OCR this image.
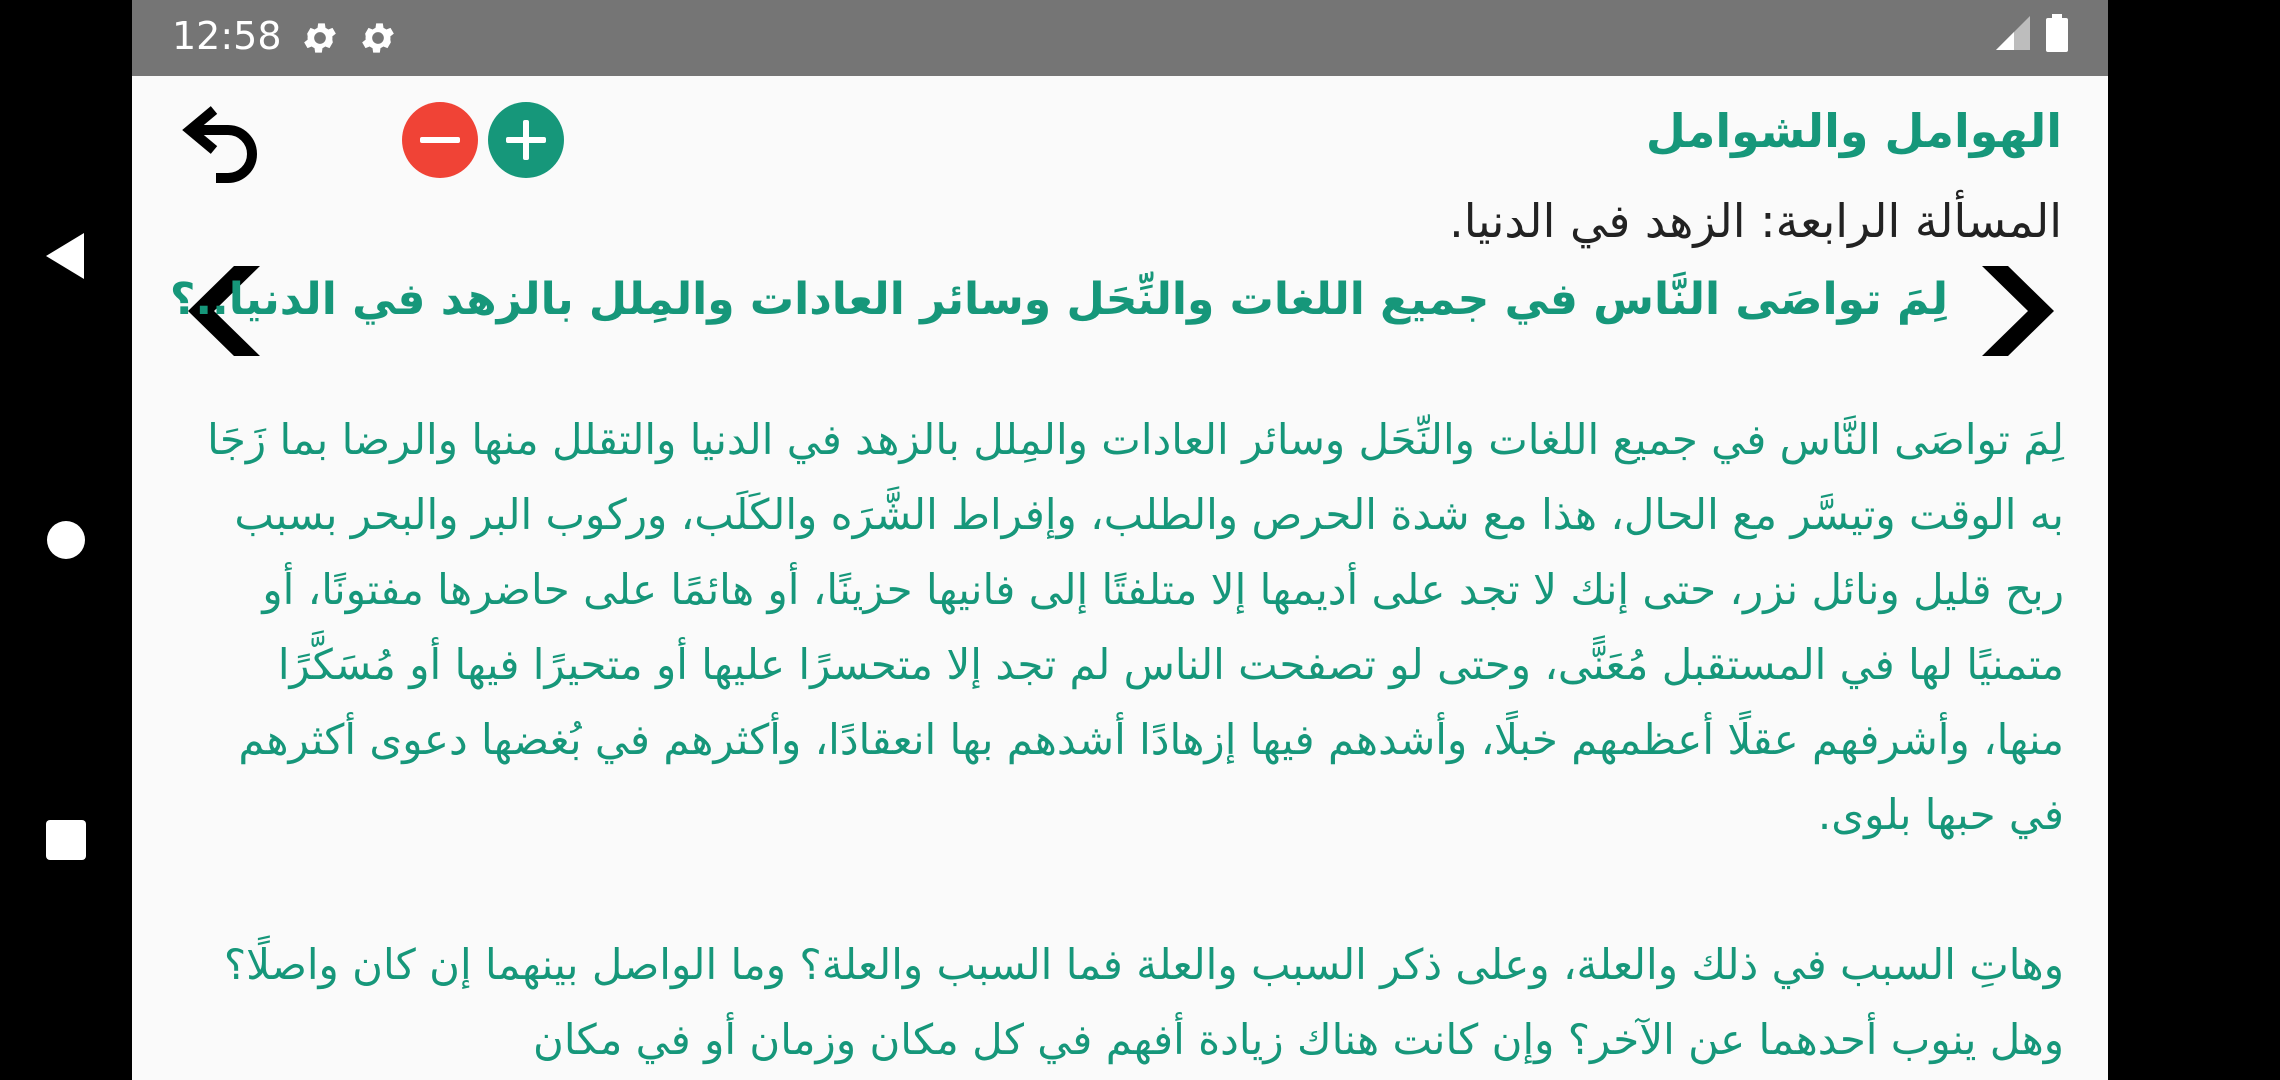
12:58
الهوامل والشوامل
المسألة الرابعة: الزهد في الدنيا.
لِمَ تواصَى النَّاس في جميع اللغات والنِّحَل وسائر العادات والمِلل بالزهد في الدنيا..؟

لِمَ تواصَى النَّاس في جميع اللغات والنِّحَل وسائر العادات والمِلل بالزهد في الدنيا والتقلل منها والرضا بما زَجَا به الوقت وتيسَّر مع الحال، هذا مع شدة الحرص والطلب، وإفراط الشَّرَه والكَلَب، وركوب البر والبحر بسبب ربح قليل ونائل نزر، حتى إنك لا تجد على أديمها إلا متلفتًا إلى فانيها حزينًا، أو هائمًا على حاضرها مفتونًا، أو متمنيًا لها في المستقبل مُعَنًّى، وحتى لو تصفحت الناس لم تجد إلا متحسرًا عليها أو متحيرًا فيها أو مُسَكَّرًا منها، وأشرفهم عقلًا أعظمهم خبلًا، وأشدهم فيها إزهادًا أشدهم بها انعقادًا، وأكثرهم في بُغضها دعوى أكثرهم في حبها بلوى.

وهاتِ السبب في ذلك والعلة، وعلى ذكر السبب والعلة فما السبب والعلة؟ وما الواصل بينهما إن كان واصلًا؟ وهل ينوب أحدهما عن الآخر؟ وإن كانت هناك زيادة أفهم في كل مكان وزمان أو في مكان
